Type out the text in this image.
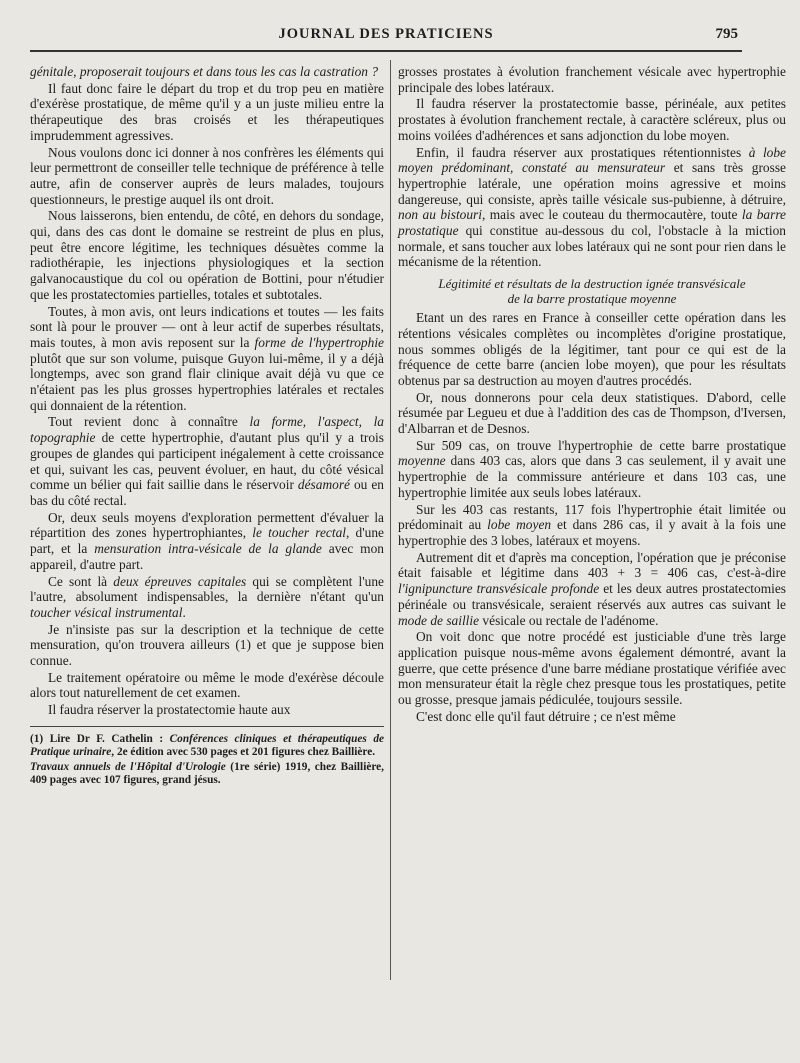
JOURNAL DES PRATICIENS	795

génitale, proposerait toujours et dans tous les cas la castration ?

Il faut donc faire le départ du trop et du trop peu en matière d'exérèse prostatique, de même qu'il y a un juste milieu entre la thérapeutique des bras croisés et les thérapeutiques imprudemment agressives.

Nous voulons donc ici donner à nos confrères les éléments qui leur permettront de conseiller telle technique de préférence à telle autre, afin de conserver auprès de leurs malades, toujours questionneurs, le prestige auquel ils ont droit.

Nous laisserons, bien entendu, de côté, en dehors du sondage, qui, dans des cas dont le domaine se restreint de plus en plus, peut être encore légitime, les techniques désuètes comme la radiothérapie, les injections physiologiques et la section galvanocaustique du col ou opération de Bottini, pour n'étudier que les prostatectomies partielles, totales et subtotales.

Toutes, à mon avis, ont leurs indications et toutes — les faits sont là pour le prouver — ont à leur actif de superbes résultats, mais toutes, à mon avis reposent sur la forme de l'hypertrophie plutôt que sur son volume, puisque Guyon lui-même, il y a déjà longtemps, avec son grand flair clinique avait déjà vu que ce n'étaient pas les plus grosses hypertrophies latérales et rectales qui donnaient de la rétention.

Tout revient donc à connaître la forme, l'aspect, la topographie de cette hypertrophie, d'autant plus qu'il y a trois groupes de glandes qui participent inégalement à cette croissance et qui, suivant les cas, peuvent évoluer, en haut, du côté vésical comme un bélier qui fait saillie dans le réservoir désamoré ou en bas du côté rectal.

Or, deux seuls moyens d'exploration permettent d'évaluer la répartition des zones hypertrophiantes, le toucher rectal, d'une part, et la mensuration intra-vésicale de la glande avec mon appareil, d'autre part.

Ce sont là deux épreuves capitales qui se complètent l'une l'autre, absolument indispensables, la dernière n'étant qu'un toucher vésical instrumental.

Je n'insiste pas sur la description et la technique de cette mensuration, qu'on trouvera ailleurs (1) et que je suppose bien connue.

Le traitement opératoire ou même le mode d'exérèse découle alors tout naturellement de cet examen.

Il faudra réserver la prostatectomie haute aux

(1) Lire Dr F. Cathelin : Conférences cliniques et thérapeutiques de Pratique urinaire, 2e édition avec 530 pages et 201 figures chez Baillière.

Travaux annuels de l'Hôpital d'Urologie (1re série) 1919, chez Baillière, 409 pages avec 107 figures, grand jésus.

grosses prostates à évolution franchement vésicale avec hypertrophie principale des lobes latéraux.

Il faudra réserver la prostatectomie basse, périnéale, aux petites prostates à évolution franchement rectale, à caractère scléreux, plus ou moins voilées d'adhérences et sans adjonction du lobe moyen.

Enfin, il faudra réserver aux prostatiques rétentionnistes à lobe moyen prédominant, constaté au mensurateur et sans très grosse hypertrophie latérale, une opération moins agressive et moins dangereuse, qui consiste, après taille vésicale sus-pubienne, à détruire, non au bistouri, mais avec le couteau du thermocautère, toute la barre prostatique qui constitue au-dessous du col, l'obstacle à la miction normale, et sans toucher aux lobes latéraux qui ne sont pour rien dans le mécanisme de la rétention.

Légitimité et résultats de la destruction ignée transvésicale
de la barre prostatique moyenne

Etant un des rares en France à conseiller cette opération dans les rétentions vésicales complètes ou incomplètes d'origine prostatique, nous sommes obligés de la légitimer, tant pour ce qui est de la fréquence de cette barre (ancien lobe moyen), que pour les résultats obtenus par sa destruction au moyen d'autres procédés.

Or, nous donnerons pour cela deux statistiques. D'abord, celle résumée par Legueu et due à l'addition des cas de Thompson, d'Iversen, d'Albarran et de Desnos.

Sur 509 cas, on trouve l'hypertrophie de cette barre prostatique moyenne dans 403 cas, alors que dans 3 cas seulement, il y avait une hypertrophie de la commissure antérieure et dans 103 cas, une hypertrophie limitée aux seuls lobes latéraux.

Sur les 403 cas restants, 117 fois l'hypertrophie était limitée ou prédominait au lobe moyen et dans 286 cas, il y avait à la fois une hypertrophie des 3 lobes, latéraux et moyens.

Autrement dit et d'après ma conception, l'opération que je préconise était faisable et légitime dans 403 + 3 = 406 cas, c'est-à-dire l'ignipuncture transvésicale profonde et les deux autres prostatectomies périnéale ou transvésicale, seraient réservés aux autres cas suivant le mode de saillie vésicale ou rectale de l'adénome.

On voit donc que notre procédé est justiciable d'une très large application puisque nous-même avons également démontré, avant la guerre, que cette présence d'une barre médiane prostatique vérifiée avec mon mensurateur était la règle chez presque tous les prostatiques, petite ou grosse, presque jamais pédiculée, toujours sessile.

C'est donc elle qu'il faut détruire ; ce n'est même
